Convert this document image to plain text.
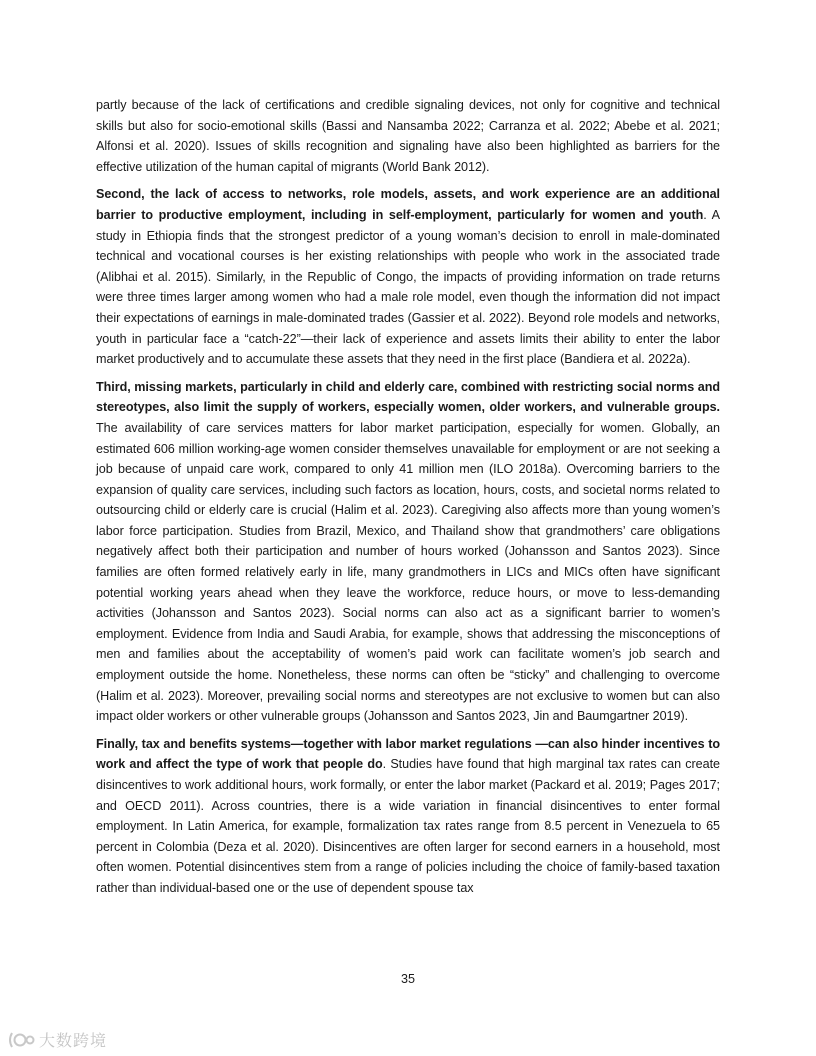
partly because of the lack of certifications and credible signaling devices, not only for cognitive and technical skills but also for socio-emotional skills (Bassi and Nansamba 2022; Carranza et al. 2022; Abebe et al. 2021; Alfonsi et al. 2020). Issues of skills recognition and signaling have also been highlighted as barriers for the effective utilization of the human capital of migrants (World Bank 2012).

Second, the lack of access to networks, role models, assets, and work experience are an additional barrier to productive employment, including in self-employment, particularly for women and youth. A study in Ethiopia finds that the strongest predictor of a young woman’s decision to enroll in male-dominated technical and vocational courses is her existing relationships with people who work in the associated trade (Alibhai et al. 2015). Similarly, in the Republic of Congo, the impacts of providing information on trade returns were three times larger among women who had a male role model, even though the information did not impact their expectations of earnings in male-dominated trades (Gassier et al. 2022). Beyond role models and networks, youth in particular face a “catch-22”—their lack of experience and assets limits their ability to enter the labor market productively and to accumulate these assets that they need in the first place (Bandiera et al. 2022a).

Third, missing markets, particularly in child and elderly care, combined with restricting social norms and stereotypes, also limit the supply of workers, especially women, older workers, and vulnerable groups. The availability of care services matters for labor market participation, especially for women. Globally, an estimated 606 million working-age women consider themselves unavailable for employment or are not seeking a job because of unpaid care work, compared to only 41 million men (ILO 2018a). Overcoming barriers to the expansion of quality care services, including such factors as location, hours, costs, and societal norms related to outsourcing child or elderly care is crucial (Halim et al. 2023). Caregiving also affects more than young women’s labor force participation. Studies from Brazil, Mexico, and Thailand show that grandmothers’ care obligations negatively affect both their participation and number of hours worked (Johansson and Santos 2023). Since families are often formed relatively early in life, many grandmothers in LICs and MICs often have significant potential working years ahead when they leave the workforce, reduce hours, or move to less-demanding activities (Johansson and Santos 2023). Social norms can also act as a significant barrier to women’s employment. Evidence from India and Saudi Arabia, for example, shows that addressing the misconceptions of men and families about the acceptability of women’s paid work can facilitate women’s job search and employment outside the home. Nonetheless, these norms can often be “sticky” and challenging to overcome (Halim et al. 2023). Moreover, prevailing social norms and stereotypes are not exclusive to women but can also impact older workers or other vulnerable groups (Johansson and Santos 2023, Jin and Baumgartner 2019).

Finally, tax and benefits systems—together with labor market regulations —can also hinder incentives to work and affect the type of work that people do. Studies have found that high marginal tax rates can create disincentives to work additional hours, work formally, or enter the labor market (Packard et al. 2019; Pages 2017; and OECD 2011). Across countries, there is a wide variation in financial disincentives to enter formal employment. In Latin America, for example, formalization tax rates range from 8.5 percent in Venezuela to 65 percent in Colombia (Deza et al. 2020). Disincentives are often larger for second earners in a household, most often women. Potential disincentives stem from a range of policies including the choice of family-based taxation rather than individual-based one or the use of dependent spouse tax

35
大数跨境
